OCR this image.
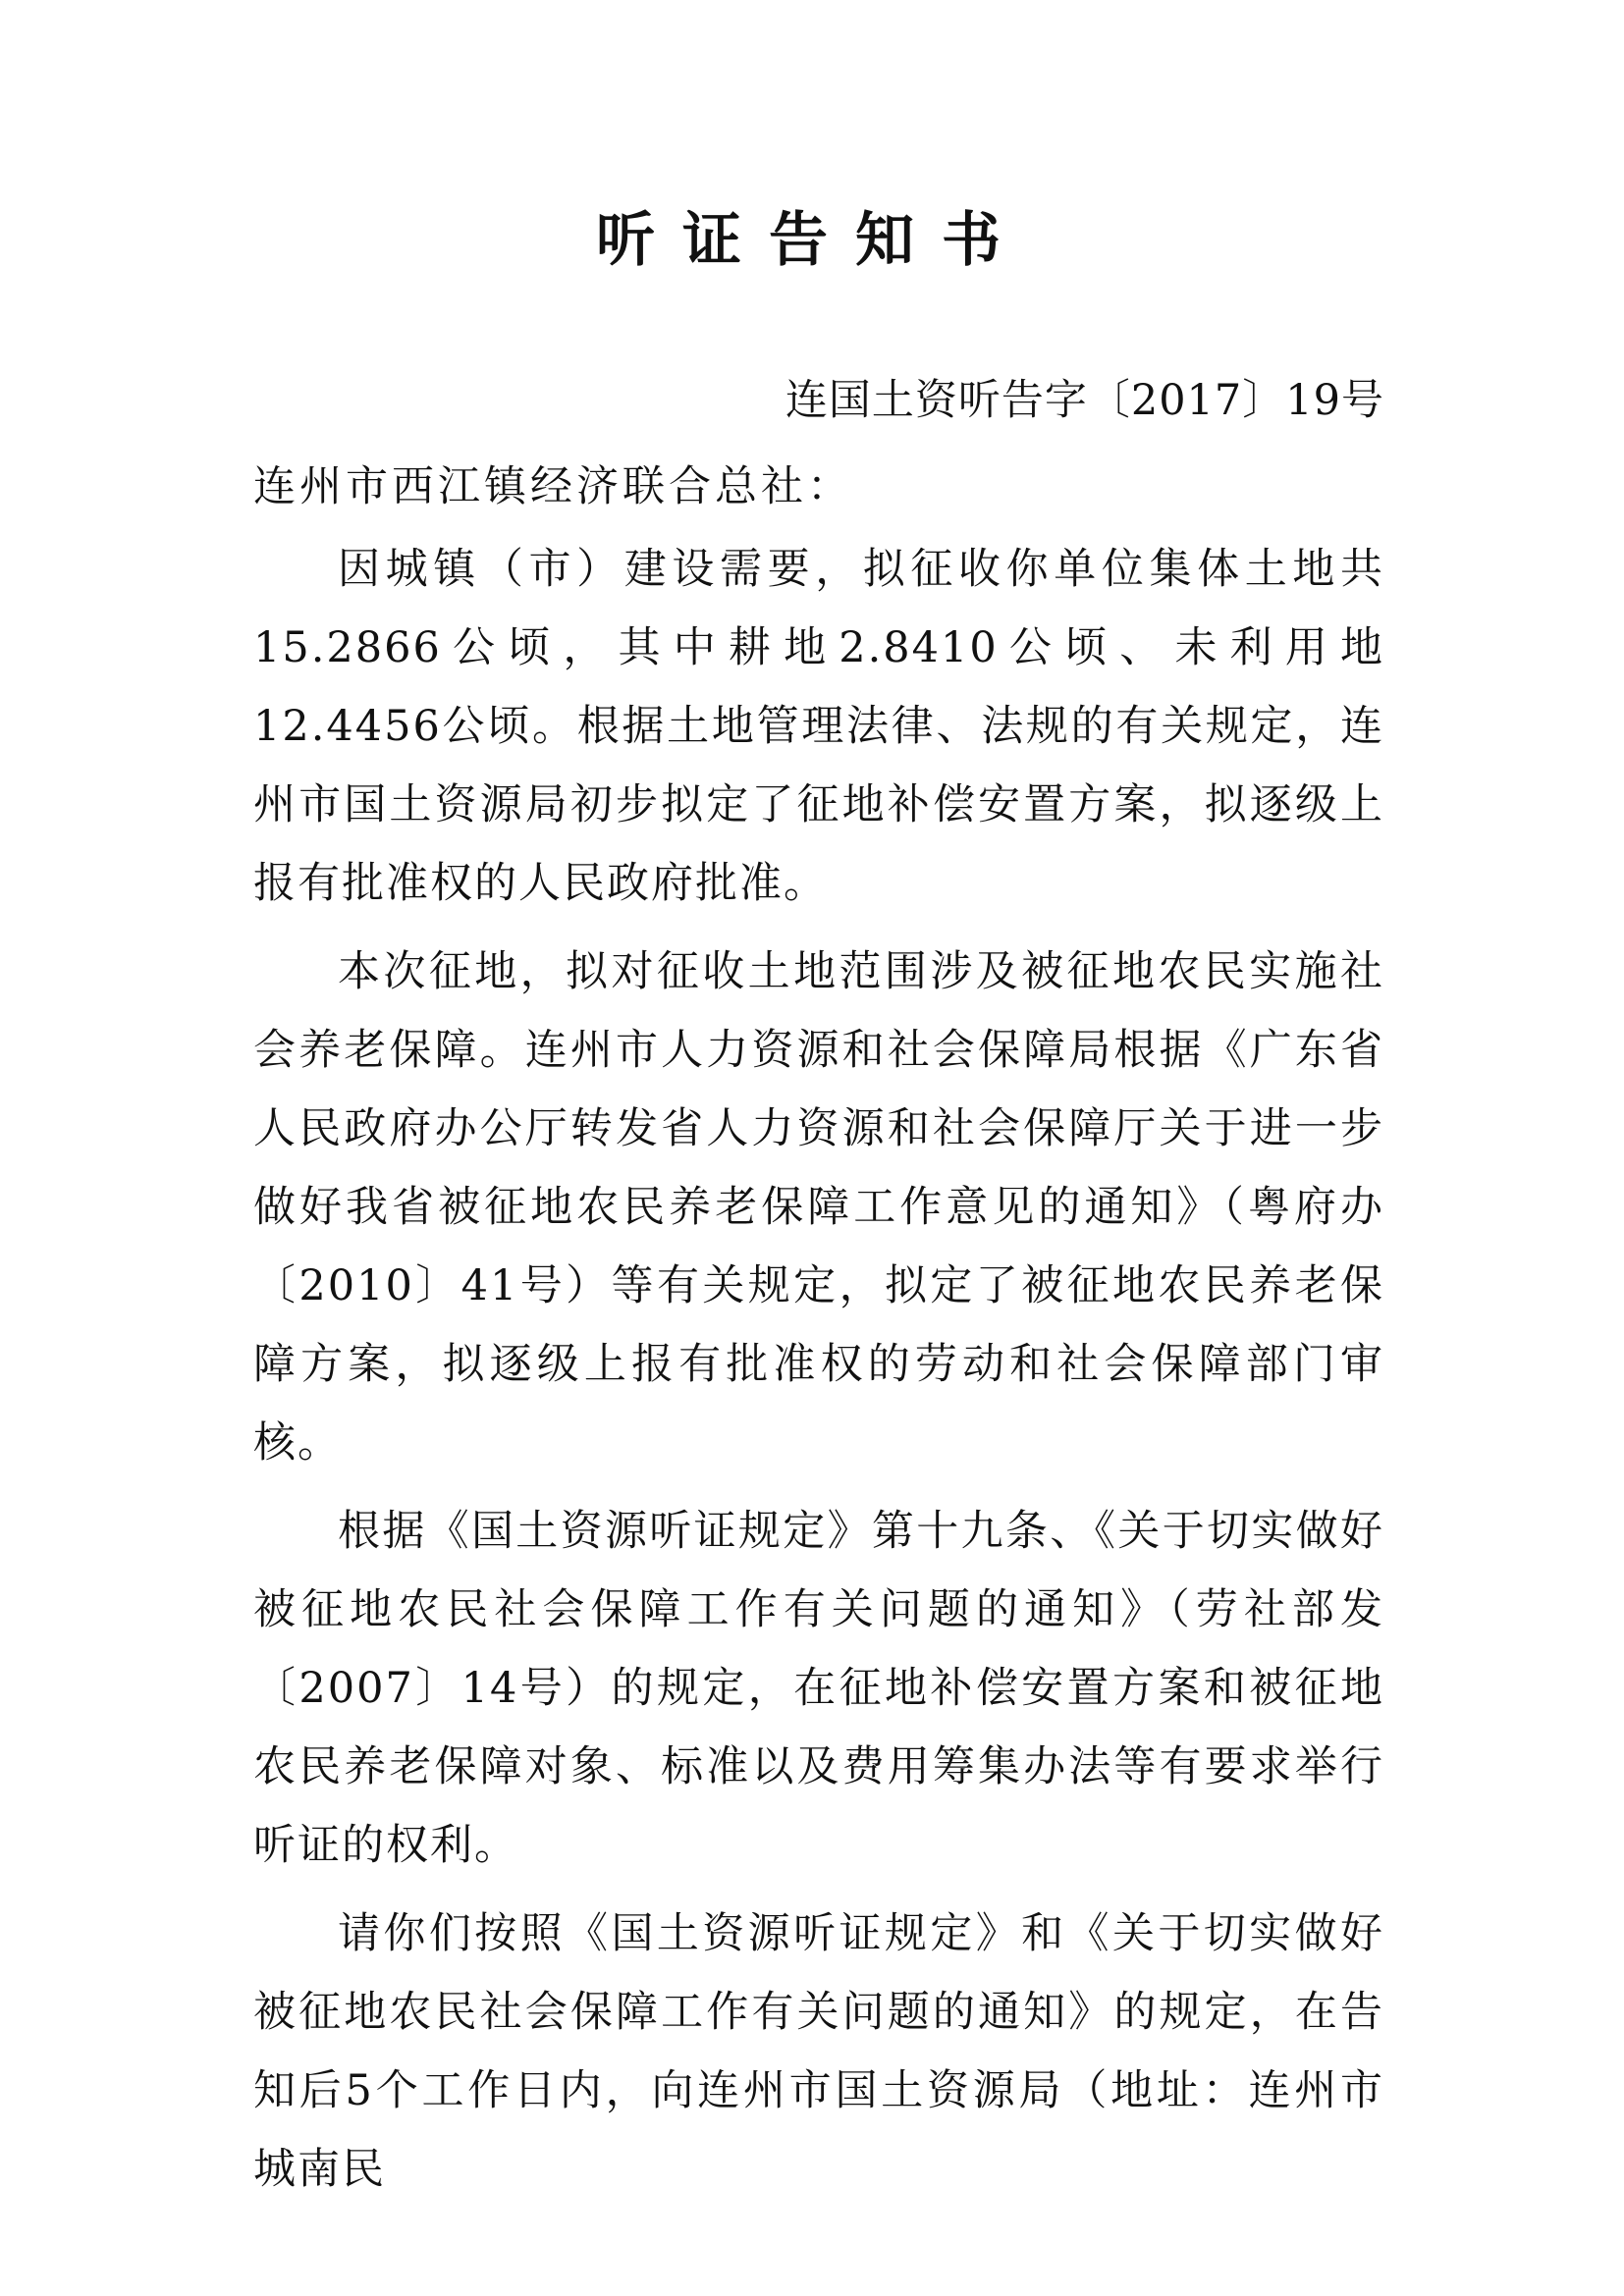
听证告知书
连国土资听告字〔2017〕19号
连州市西江镇经济联合总社：

因城镇（市）建设需要，拟征收你单位集体土地共15.2866公顷，其中耕地2.8410公顷、未利用地12.4456公顷。根据土地管理法律、法规的有关规定，连州市国土资源局初步拟定了征地补偿安置方案，拟逐级上报有批准权的人民政府批准。

本次征地，拟对征收土地范围涉及被征地农民实施社会养老保障。连州市人力资源和社会保障局根据《广东省人民政府办公厅转发省人力资源和社会保障厅关于进一步做好我省被征地农民养老保障工作意见的通知》（粤府办〔2010〕41号）等有关规定，拟定了被征地农民养老保障方案，拟逐级上报有批准权的劳动和社会保障部门审核。

根据《国土资源听证规定》第十九条、《关于切实做好被征地农民社会保障工作有关问题的通知》（劳社部发〔2007〕14号）的规定，在征地补偿安置方案和被征地农民养老保障对象、标准以及费用筹集办法等有要求举行听证的权利。

请你们按照《国土资源听证规定》和《关于切实做好被征地农民社会保障工作有关问题的通知》的规定，在告知后5个工作日内，向连州市国土资源局（地址：连州市城南民
